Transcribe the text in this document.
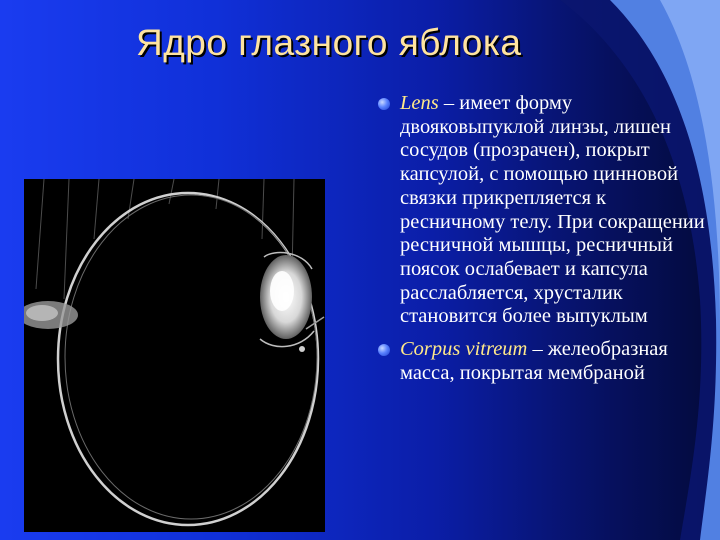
Ядро глазного яблока
Lens – имеет форму двояковыпуклой линзы, лишен сосудов (прозрачен), покрыт капсулой, с помощью цинновой связки прикрепляется к ресничному телу. При сокращении ресничной мышцы, ресничный поясок ослабевает и капсула расслабляется, хрусталик становится более выпуклым
Corpus vitreum – желеобразная масса, покрытая мембраной
